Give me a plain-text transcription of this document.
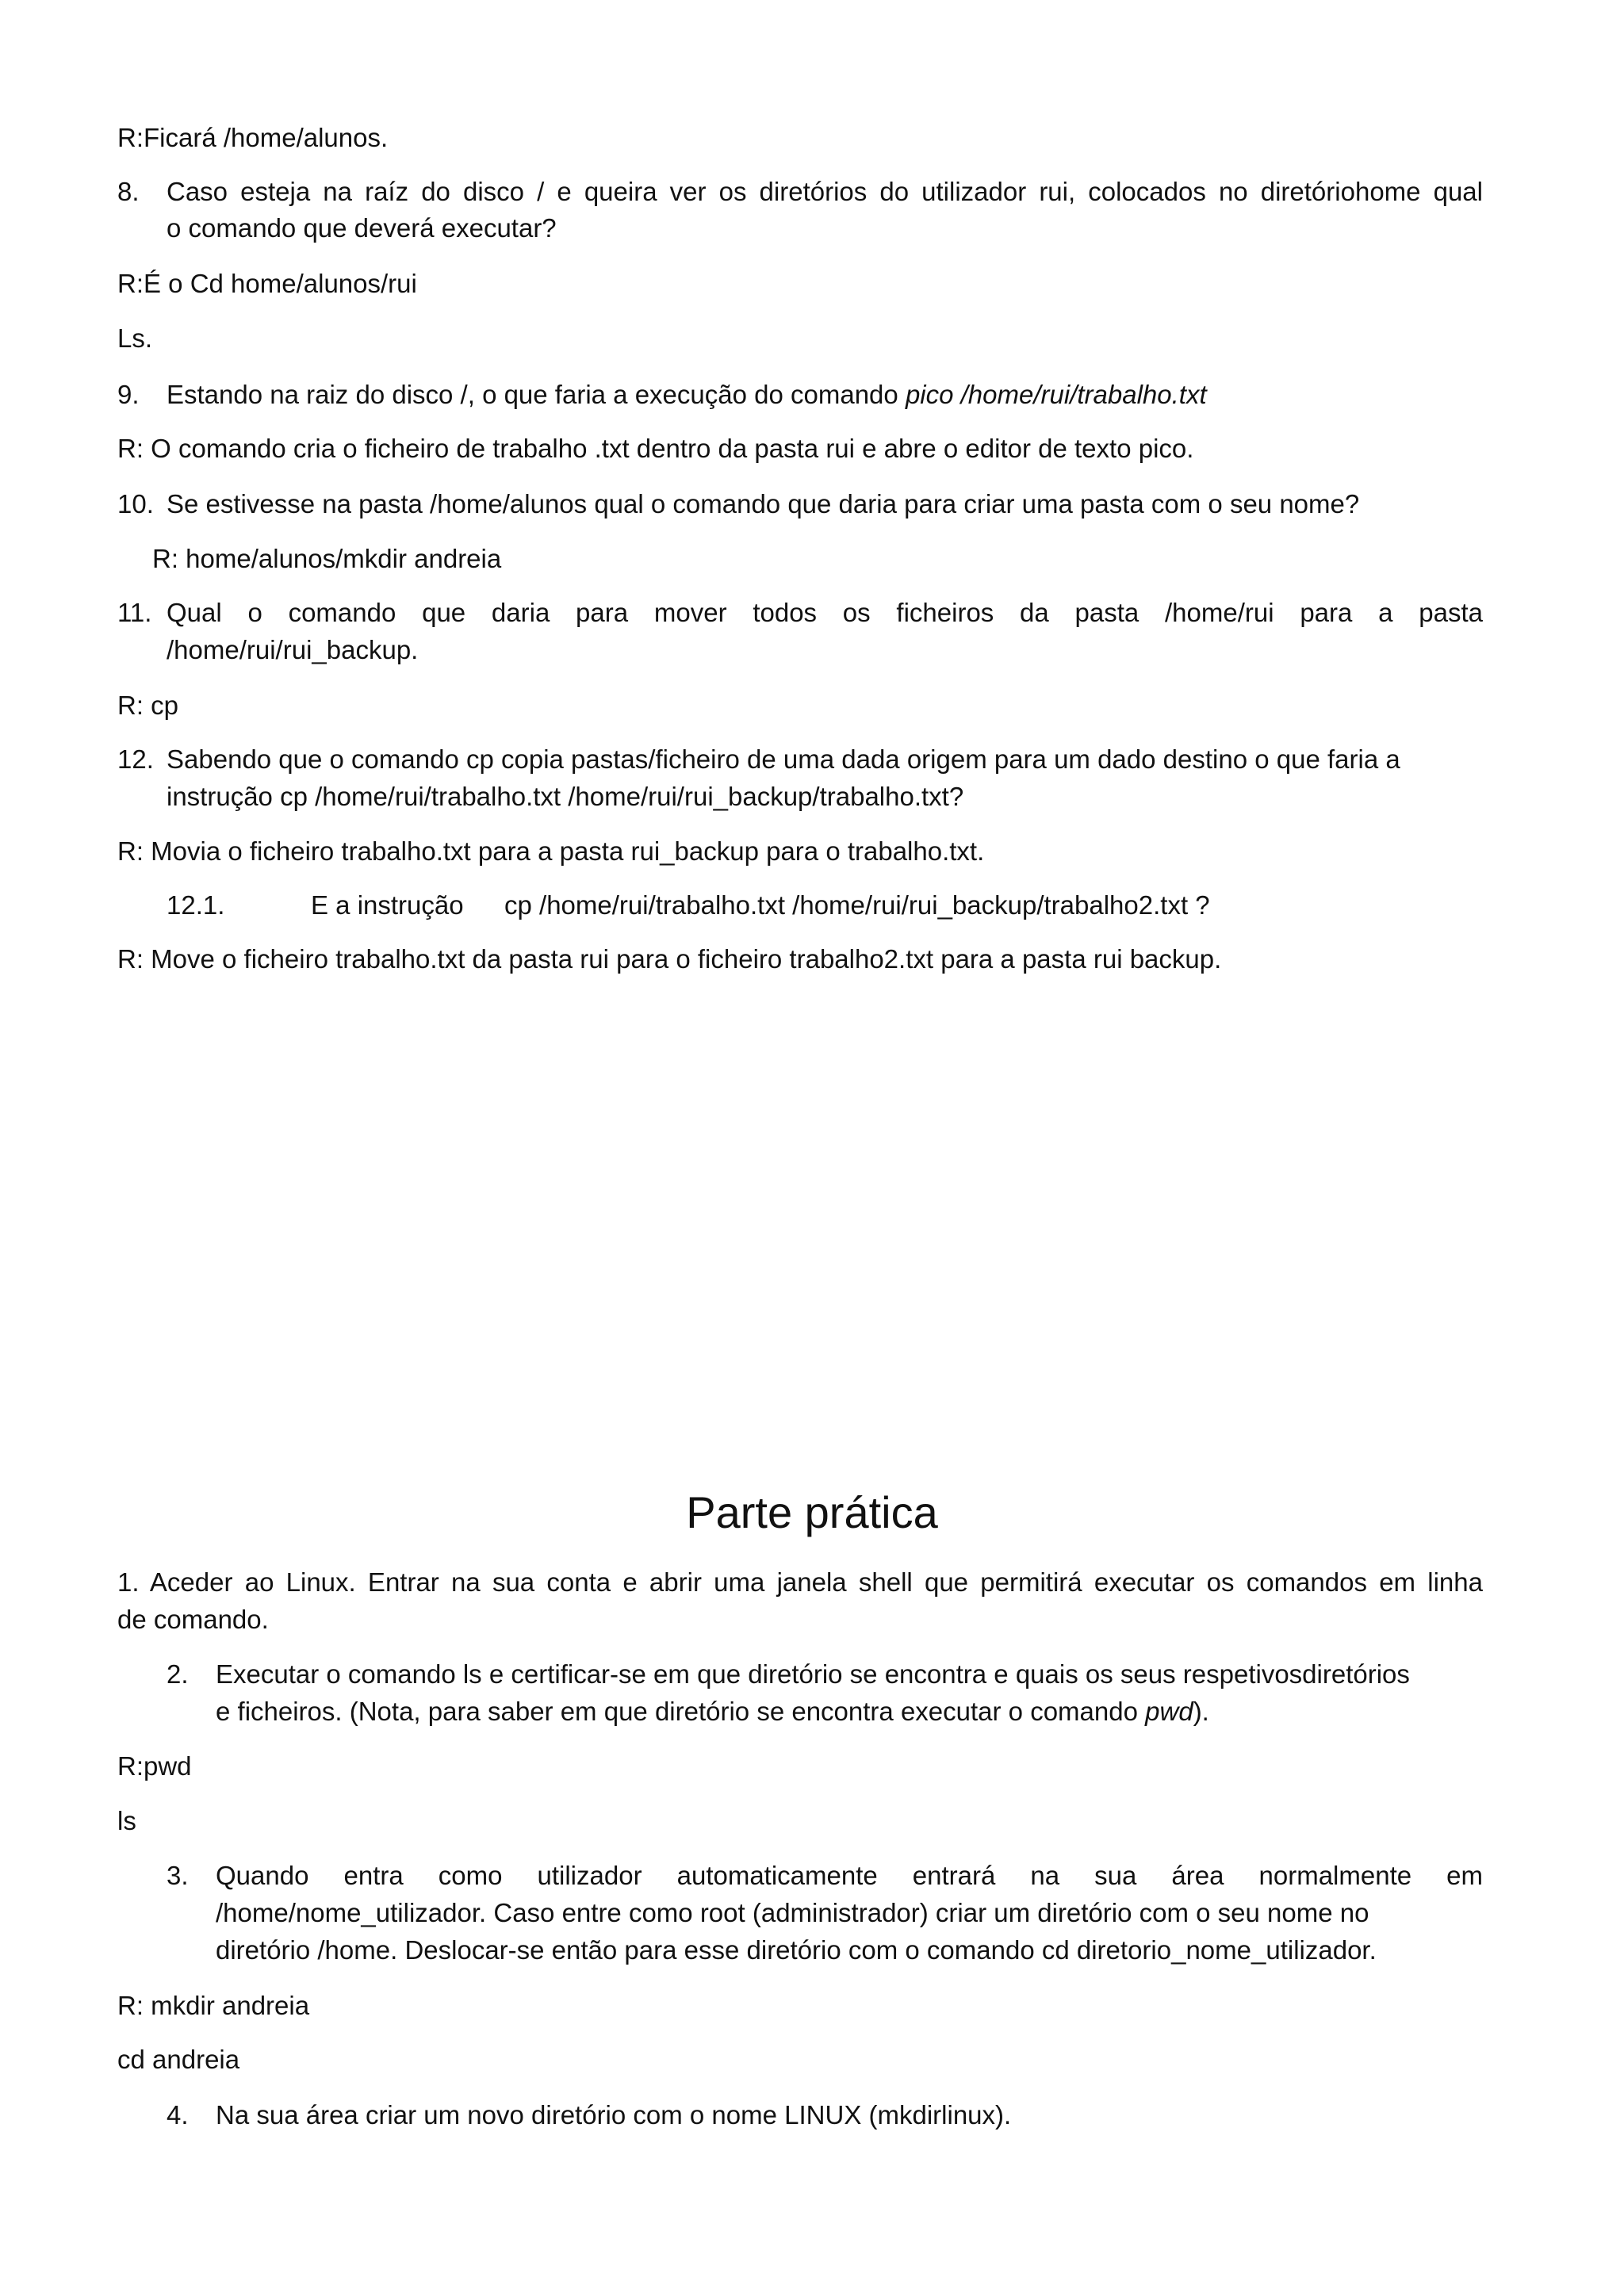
R:Ficará /home/alunos.
8. Caso esteja na raíz do disco / e queira ver os diretórios do utilizador rui, colocados no diretóriohome qual
o comando que deverá executar?
R:É o Cd home/alunos/rui
Ls.
9. Estando na raiz do disco /, o que faria a execução do comando pico /home/rui/trabalho.txt
R: O comando cria o ficheiro de trabalho .txt dentro da pasta rui e abre o editor de texto pico.
10. Se estivesse na pasta /home/alunos qual o comando que daria para criar uma pasta com o seu nome?
R: home/alunos/mkdir andreia
11. Qual o comando que daria para mover todos os ficheiros da pasta /home/rui para a pasta
/home/rui/rui_backup.
R: cp
12. Sabendo que o comando cp copia pastas/ficheiro de uma dada origem para um dado destino o que faria a
instrução cp /home/rui/trabalho.txt /home/rui/rui_backup/trabalho.txt?
R: Movia o ficheiro trabalho.txt para a pasta rui_backup para o trabalho.txt.
12.1.	E a instrução cp /home/rui/trabalho.txt /home/rui/rui_backup/trabalho2.txt ?
R: Move o ficheiro trabalho.txt da pasta rui para o ficheiro trabalho2.txt para a pasta rui backup.
Parte prática
1. Aceder ao Linux. Entrar na sua conta e abrir uma janela shell que permitirá executar os comandos em linha
de comando.
2. Executar o comando ls e certificar-se em que diretório se encontra e quais os seus respetivosdiretórios
e ficheiros. (Nota, para saber em que diretório se encontra executar o comando pwd).
R:pwd
ls
3. Quando entra como utilizador automaticamente entrará na sua área normalmente em
/home/nome_utilizador. Caso entre como root (administrador) criar um diretório com o seu nome no
diretório /home. Deslocar-se então para esse diretório com o comando cd diretorio_nome_utilizador.
R: mkdir andreia
cd andreia
4. Na sua área criar um novo diretório com o nome LINUX (mkdirlinux).
